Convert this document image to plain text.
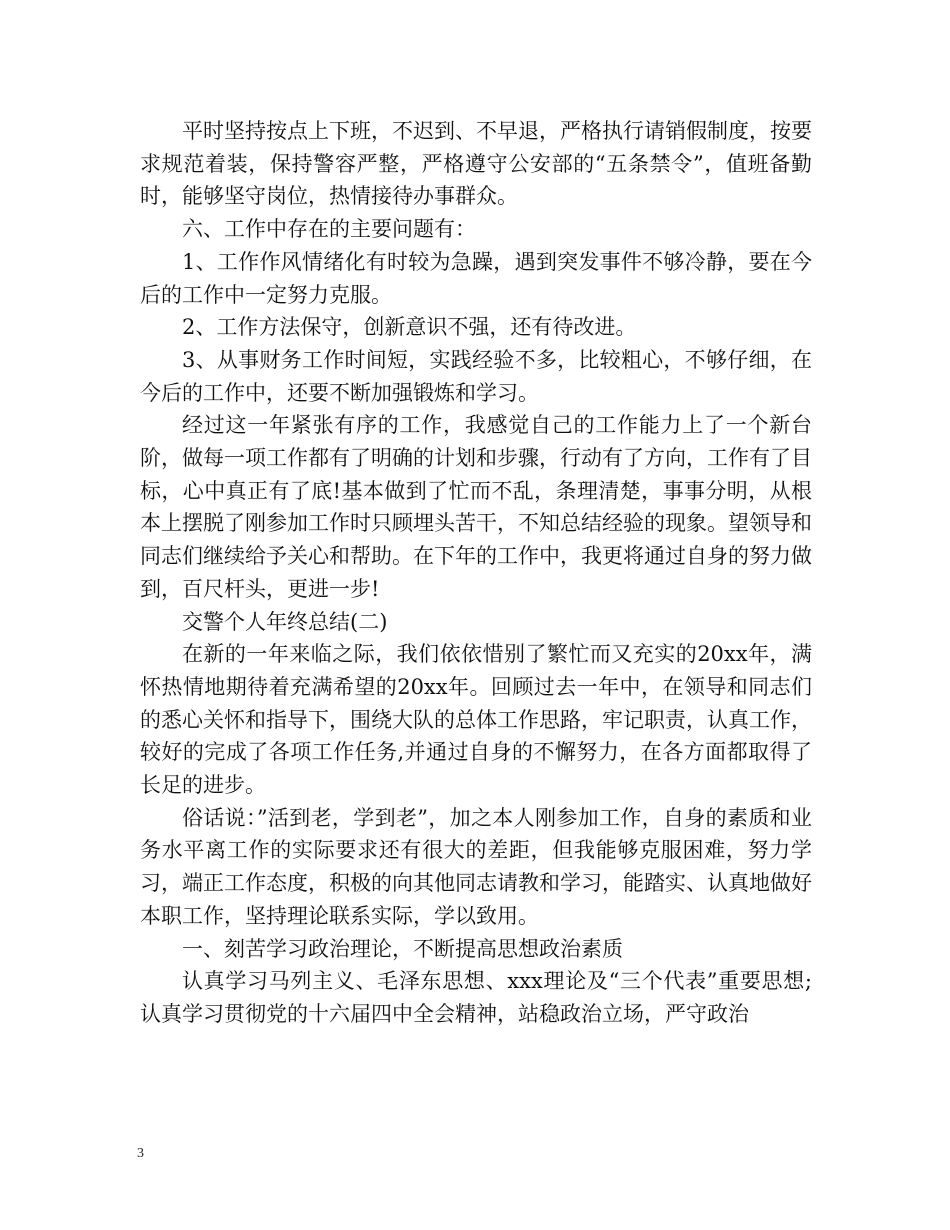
平时坚持按点上下班，不迟到、不早退，严格执行请销假制度，按要求规范着装，保持警容严整，严格遵守公安部的“五条禁令”，值班备勤时，能够坚守岗位，热情接待办事群众。

六、工作中存在的主要问题有：

1、工作作风情绪化有时较为急躁，遇到突发事件不够冷静，要在今后的工作中一定努力克服。

2、工作方法保守，创新意识不强，还有待改进。

3、从事财务工作时间短，实践经验不多，比较粗心，不够仔细，在今后的工作中，还要不断加强锻炼和学习。

经过这一年紧张有序的工作，我感觉自己的工作能力上了一个新台阶，做每一项工作都有了明确的计划和步骤，行动有了方向，工作有了目标，心中真正有了底!基本做到了忙而不乱，条理清楚，事事分明，从根本上摆脱了刚参加工作时只顾埋头苦干，不知总结经验的现象。望领导和同志们继续给予关心和帮助。在下年的工作中，我更将通过自身的努力做到，百尺杆头，更进一步!

交警个人年终总结(二)

在新的一年来临之际，我们依依惜别了繁忙而又充实的20xx年，满怀热情地期待着充满希望的20xx年。回顾过去一年中，在领导和同志们的悉心关怀和指导下，围绕大队的总体工作思路，牢记职责，认真工作，较好的完成了各项工作任务,并通过自身的不懈努力，在各方面都取得了长足的进步。

俗话说：”活到老，学到老”，加之本人刚参加工作，自身的素质和业务水平离工作的实际要求还有很大的差距，但我能够克服困难，努力学习，端正工作态度，积极的向其他同志请教和学习，能踏实、认真地做好本职工作，坚持理论联系实际，学以致用。

一、刻苦学习政治理论，不断提高思想政治素质

认真学习马列主义、毛泽东思想、xxx理论及“三个代表”重要思想;认真学习贯彻党的十六届四中全会精神，站稳政治立场，严守政治

3
